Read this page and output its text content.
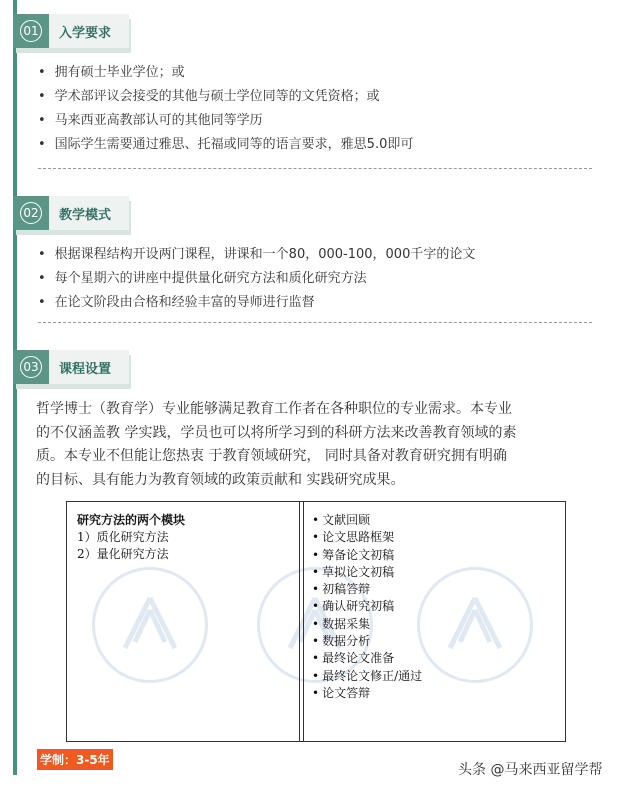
01	入学要求
• 拥有硕士毕业学位；或
• 学术部评议会接受的其他与硕士学位同等的文凭资格；或
• 马来西亚高教部认可的其他同等学历
• 国际学生需要通过雅思、托福或同等的语言要求，雅思5.0即可
02	教学模式
• 根据课程结构开设两门课程，讲课和一个80，000-100，000千字的论文
• 每个星期六的讲座中提供量化研究方法和质化研究方法
• 在论文阶段由合格和经验丰富的导师进行监督
03	课程设置
哲学博士（教育学）专业能够满足教育工作者在各种职位的专业需求。本专业
的不仅涵盖教 学实践，学员也可以将所学习到的科研方法来改善教育领域的素
质。本专业不但能让您热衷 于教育领域研究， 同时具备对教育研究拥有明确
的目标、具有能力为教育领域的政策贡献和 实践研究成果。
研究方法的两个模块
1）质化研究方法
2）量化研究方法
• 文献回顾
• 论文思路框架
• 筹备论文初稿
• 草拟论文初稿
• 初稿答辩
• 确认研究初稿
• 数据采集
• 数据分析
• 最终论文准备
• 最终论文修正/通过
• 论文答辩
学制：3-5年
头条 @马来西亚留学帮
